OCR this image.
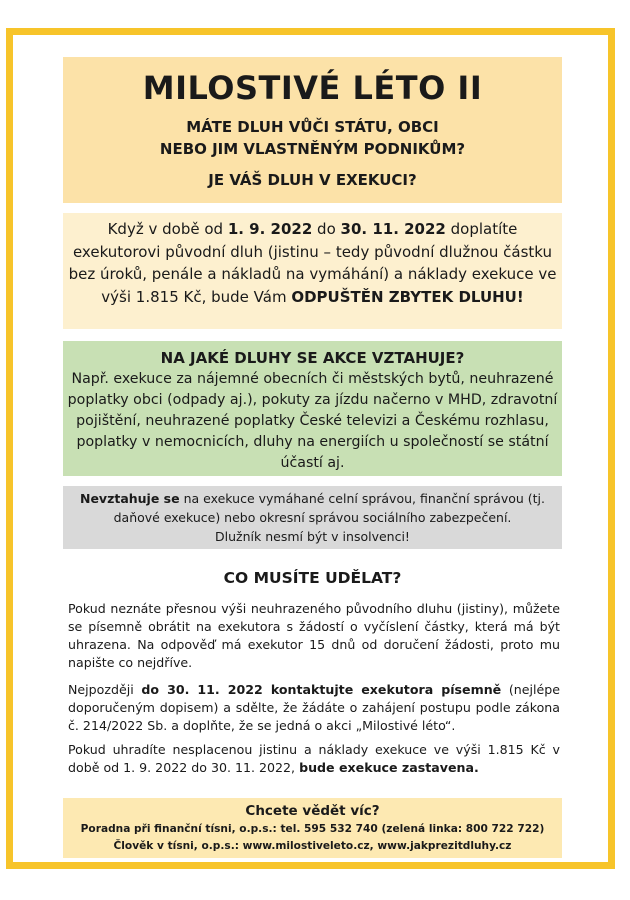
MILOSTIVÉ LÉTO II
MÁTE DLUH VŮČI STÁTU, OBCI
NEBO JIM VLASTNĚNÝM PODNIKŮM?
JE VÁŠ DLUH V EXEKUCI?
Když v době od 1. 9. 2022 do 30. 11. 2022 doplatíte exekutorovi původní dluh (jistinu – tedy původní dlužnou částku bez úroků, penále a nákladů na vymáhání) a náklady exekuce ve výši 1.815 Kč, bude Vám ODPUŠTĚN ZBYTEK DLUHU!
NA JAKÉ DLUHY SE AKCE VZTAHUJE?
Např. exekuce za nájemné obecních či městských bytů, neuhrazené poplatky obci (odpady aj.), pokuty za jízdu načerno v MHD, zdravotní pojištění, neuhrazené poplatky České televizi a Českému rozhlasu, poplatky v nemocnicích, dluhy na energiích u společností se státní účastí aj.
Nevztahuje se na exekuce vymáhané celní správou, finanční správou (tj. daňové exekuce) nebo okresní správou sociálního zabezpečení.
Dlužník nesmí být v insolvenci!
CO MUSÍTE UDĚLAT?
Pokud neznáte přesnou výši neuhrazeného původního dluhu (jistiny), můžete se písemně obrátit na exekutora s žádostí o vyčíslení částky, která má být uhrazena. Na odpověď má exekutor 15 dnů od doručení žádosti, proto mu napište co nejdříve.
Nejpozději do 30. 11. 2022 kontaktujte exekutora písemně (nejlépe doporučeným dopisem) a sdělte, že žádáte o zahájení postupu podle zákona č. 214/2022 Sb. a doplňte, že se jedná o akci „Milostivé léto“.
Pokud uhradíte nesplacenou jistinu a náklady exekuce ve výši 1.815 Kč v době od 1. 9. 2022 do 30. 11. 2022, bude exekuce zastavena.
Chcete vědět víc?
Poradna při finanční tísni, o.p.s.: tel. 595 532 740 (zelená linka: 800 722 722)
Člověk v tísni, o.p.s.: www.milostiveleto.cz, www.jakprezitdluhy.cz
